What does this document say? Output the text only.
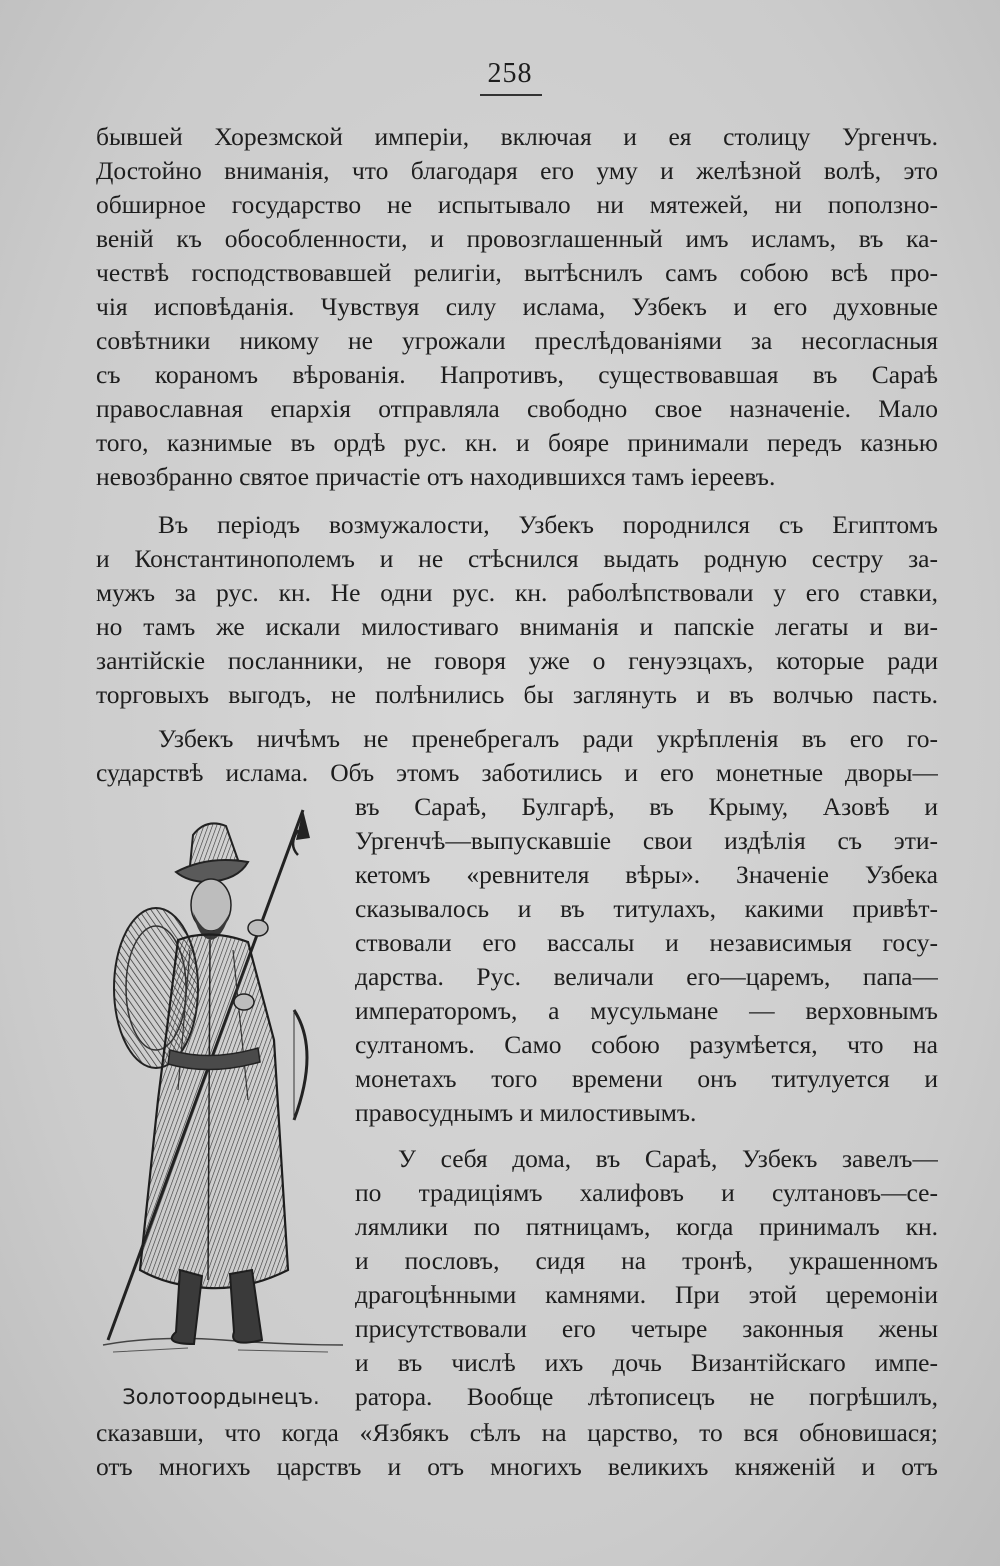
258
бывшей Хорезмской имперіи, включая и ея столицу Ургенчъ.
Достойно вниманія, что благодаря его уму и желѣзной волѣ, это
обширное государство не испытывало ни мятежей, ни поползно-
веній къ обособленности, и провозглашенный имъ исламъ, въ ка-
чествѣ господствовавшей религіи, вытѣснилъ самъ собою всѣ про-
чія исповѣданія. Чувствуя силу ислама, Узбекъ и его духовные
совѣтники никому не угрожали преслѣдованіями за несогласныя
съ кораномъ вѣрованія. Напротивъ, существовавшая въ Сараѣ
православная епархія отправляла свободно свое назначеніе. Мало
того, казнимые въ ордѣ рус. кн. и бояре принимали передъ казнью
невозбранно святое причастіе отъ находившихся тамъ іереевъ.
Въ періодъ возмужалости, Узбекъ породнился съ Египтомъ
и Константинополемъ и не стѣснился выдать родную сестру за-
мужъ за рус. кн. Не одни рус. кн. раболѣпствовали у его ставки,
но тамъ же искали милостиваго вниманія и папскіе легаты и ви-
зантійскіе посланники, не говоря уже о генуэзцахъ, которые ради
торговыхъ выгодъ, не полѣнились бы заглянуть и въ волчью пасть.
Узбекъ ничѣмъ не пренебрегалъ ради укрѣпленія въ его го-
сударствѣ ислама. Объ этомъ заботились и его монетные дворы—
въ Сараѣ, Булгарѣ, въ Крыму, Азовѣ и
Ургенчѣ—выпускавшіе свои издѣлія съ эти-
кетомъ «ревнителя вѣры». Значеніе Узбека
сказывалось и въ титулахъ, какими привѣт-
ствовали его вассалы и независимыя госу-
дарства. Рус. величали его—царемъ, папа—
императоромъ, а мусульмане — верховнымъ
султаномъ. Само собою разумѣется, что на
монетахъ того времени онъ титулуется и
правосуднымъ и милостивымъ.
У себя дома, въ Сараѣ, Узбекъ завелъ—
по традиціямъ халифовъ и султановъ—се-
лямлики по пятницамъ, когда принималъ кн.
и пословъ, сидя на тронѣ, украшенномъ
драгоцѣнными камнями. При этой церемоніи
присутствовали его четыре законныя жены
и въ числѣ ихъ дочь Византійскаго импе-
ратора. Вообще лѣтописецъ не погрѣшилъ,
сказавши, что когда «Язбякъ сѣлъ на царство, то вся обновишася;
отъ многихъ царствъ и отъ многихъ великихъ княженій и отъ
Золотоордынецъ.
